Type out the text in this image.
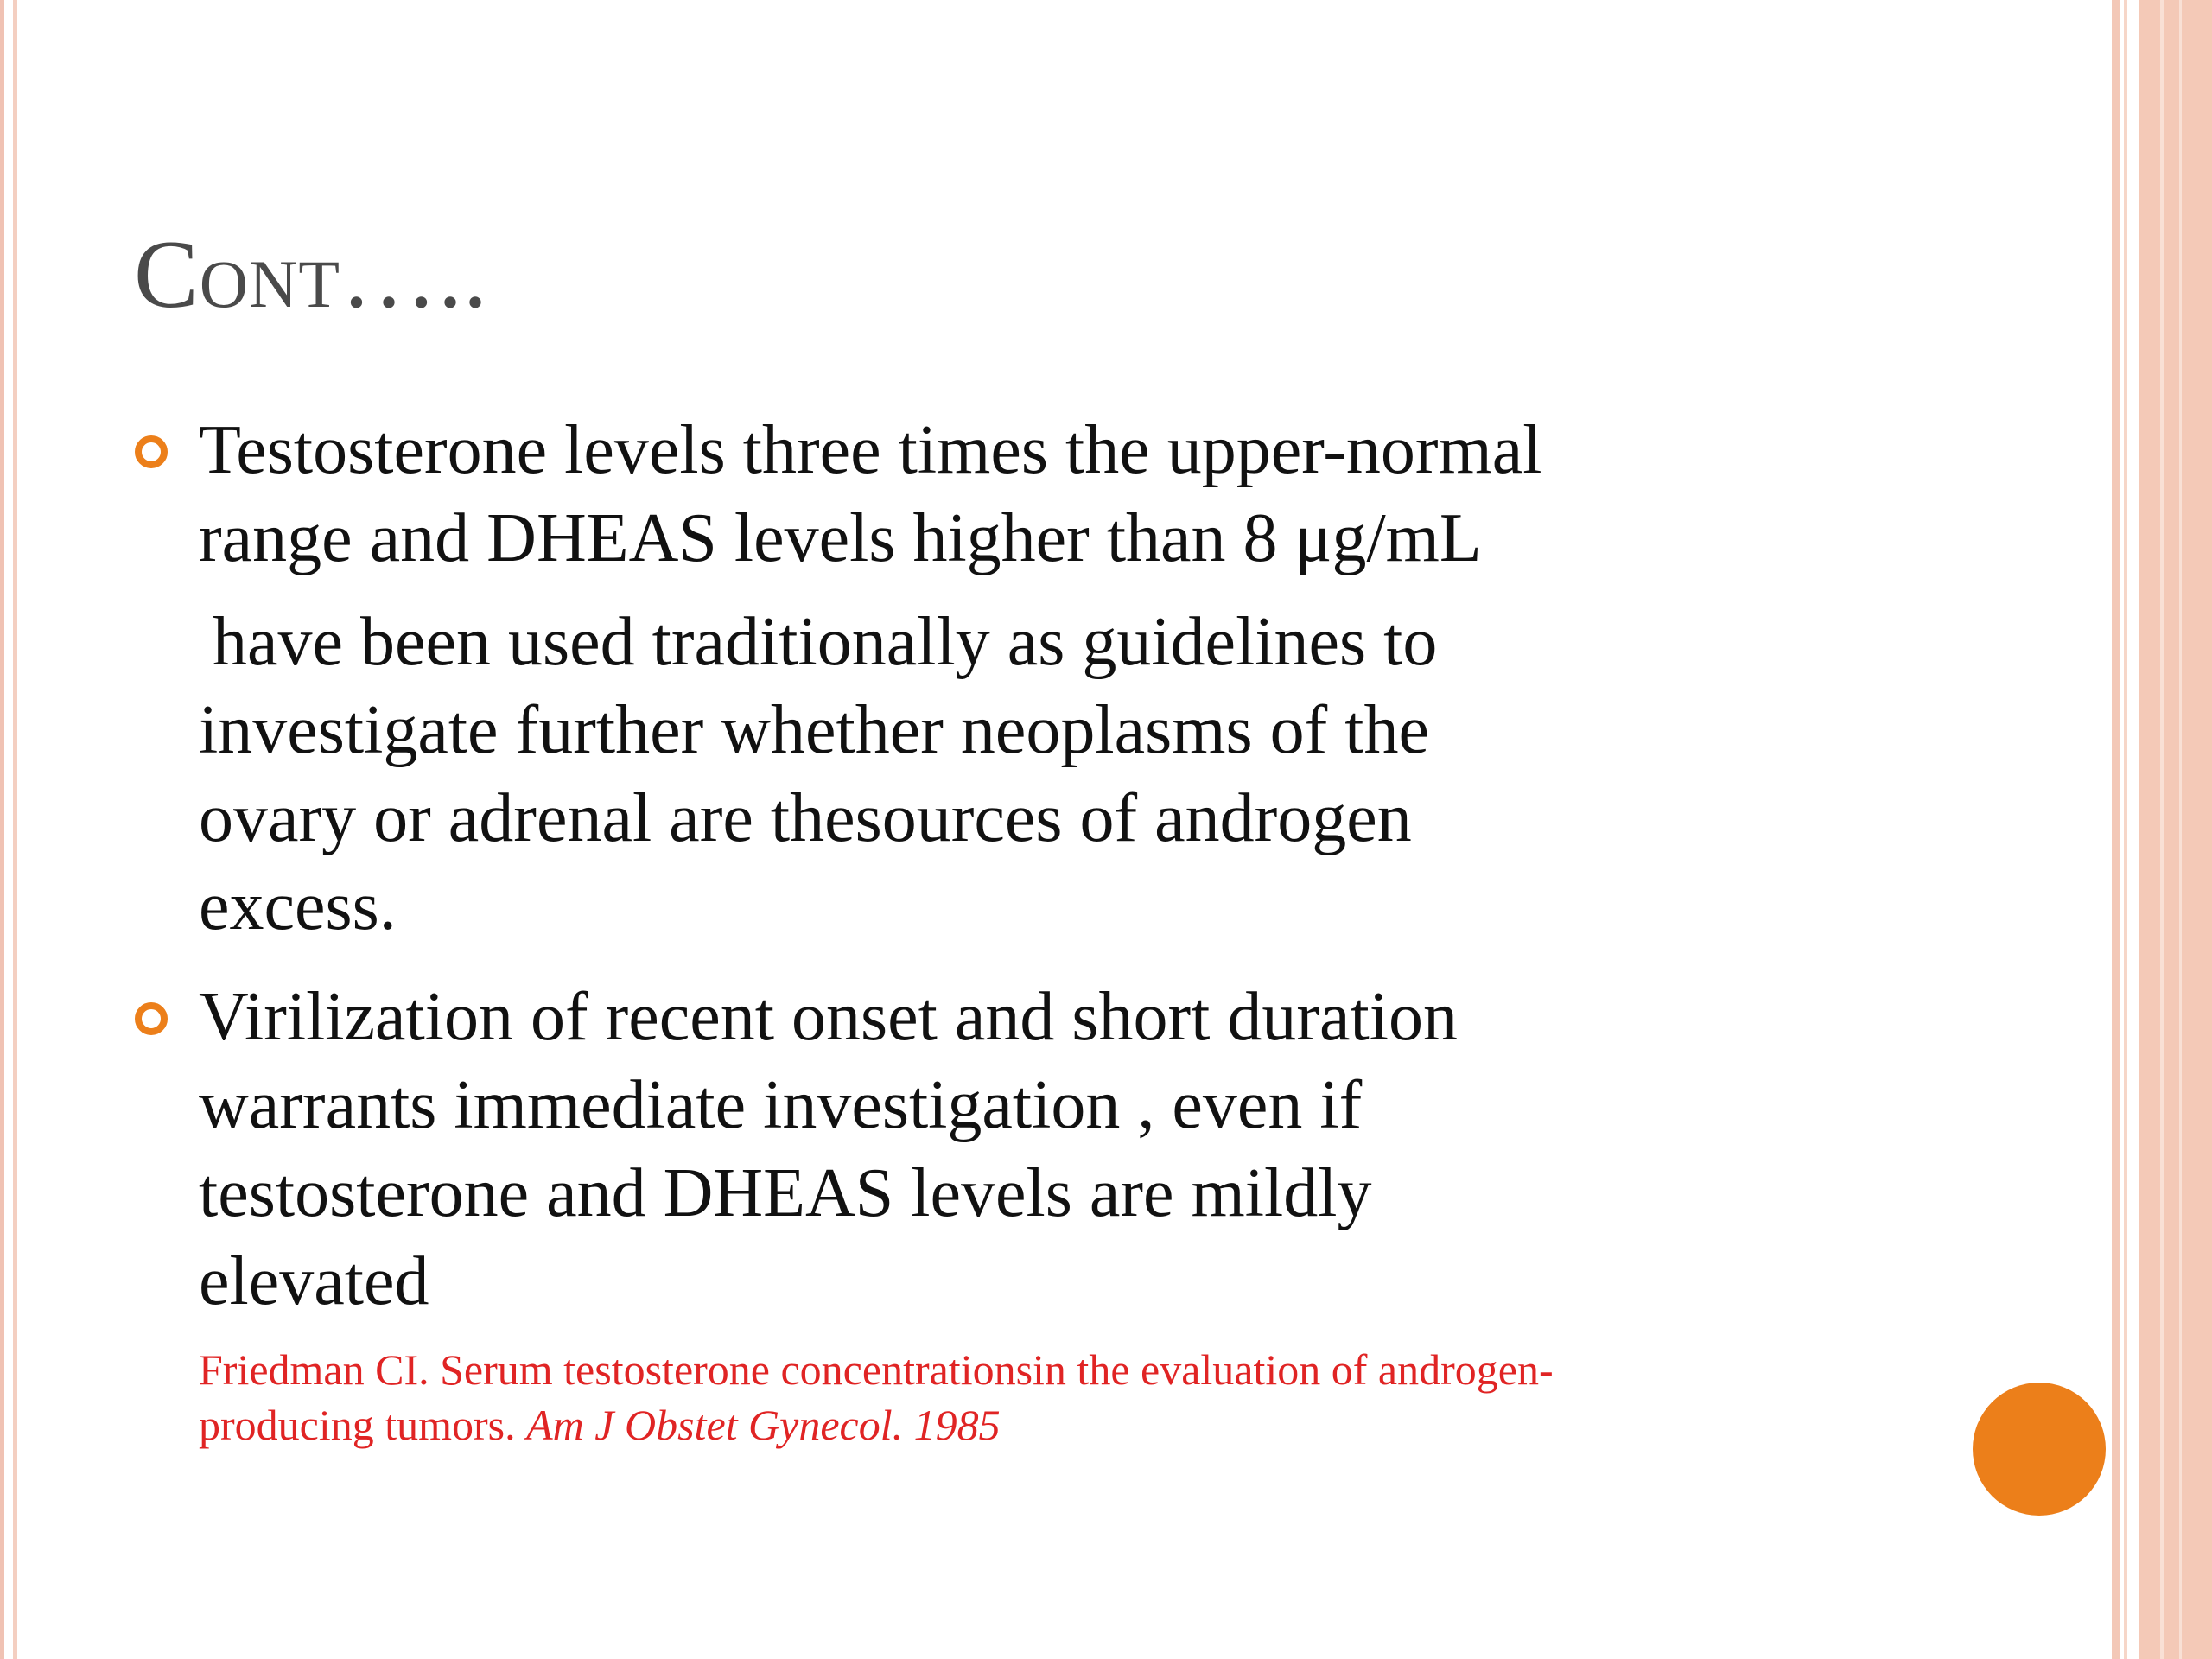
Cont…..

Testosterone levels three times the upper-normal

range and DHEAS levels higher than 8 μg/mL

have been used traditionally as guidelines to

investigate further whether neoplasms of the

ovary or adrenal are thesources of androgen

excess.

Virilization of recent onset and short duration

warrants immediate investigation , even if

testosterone and DHEAS levels are mildly

elevated

Friedman CI. Serum testosterone concentrationsin the evaluation of androgen-
producing tumors. Am J Obstet Gynecol. 1985
